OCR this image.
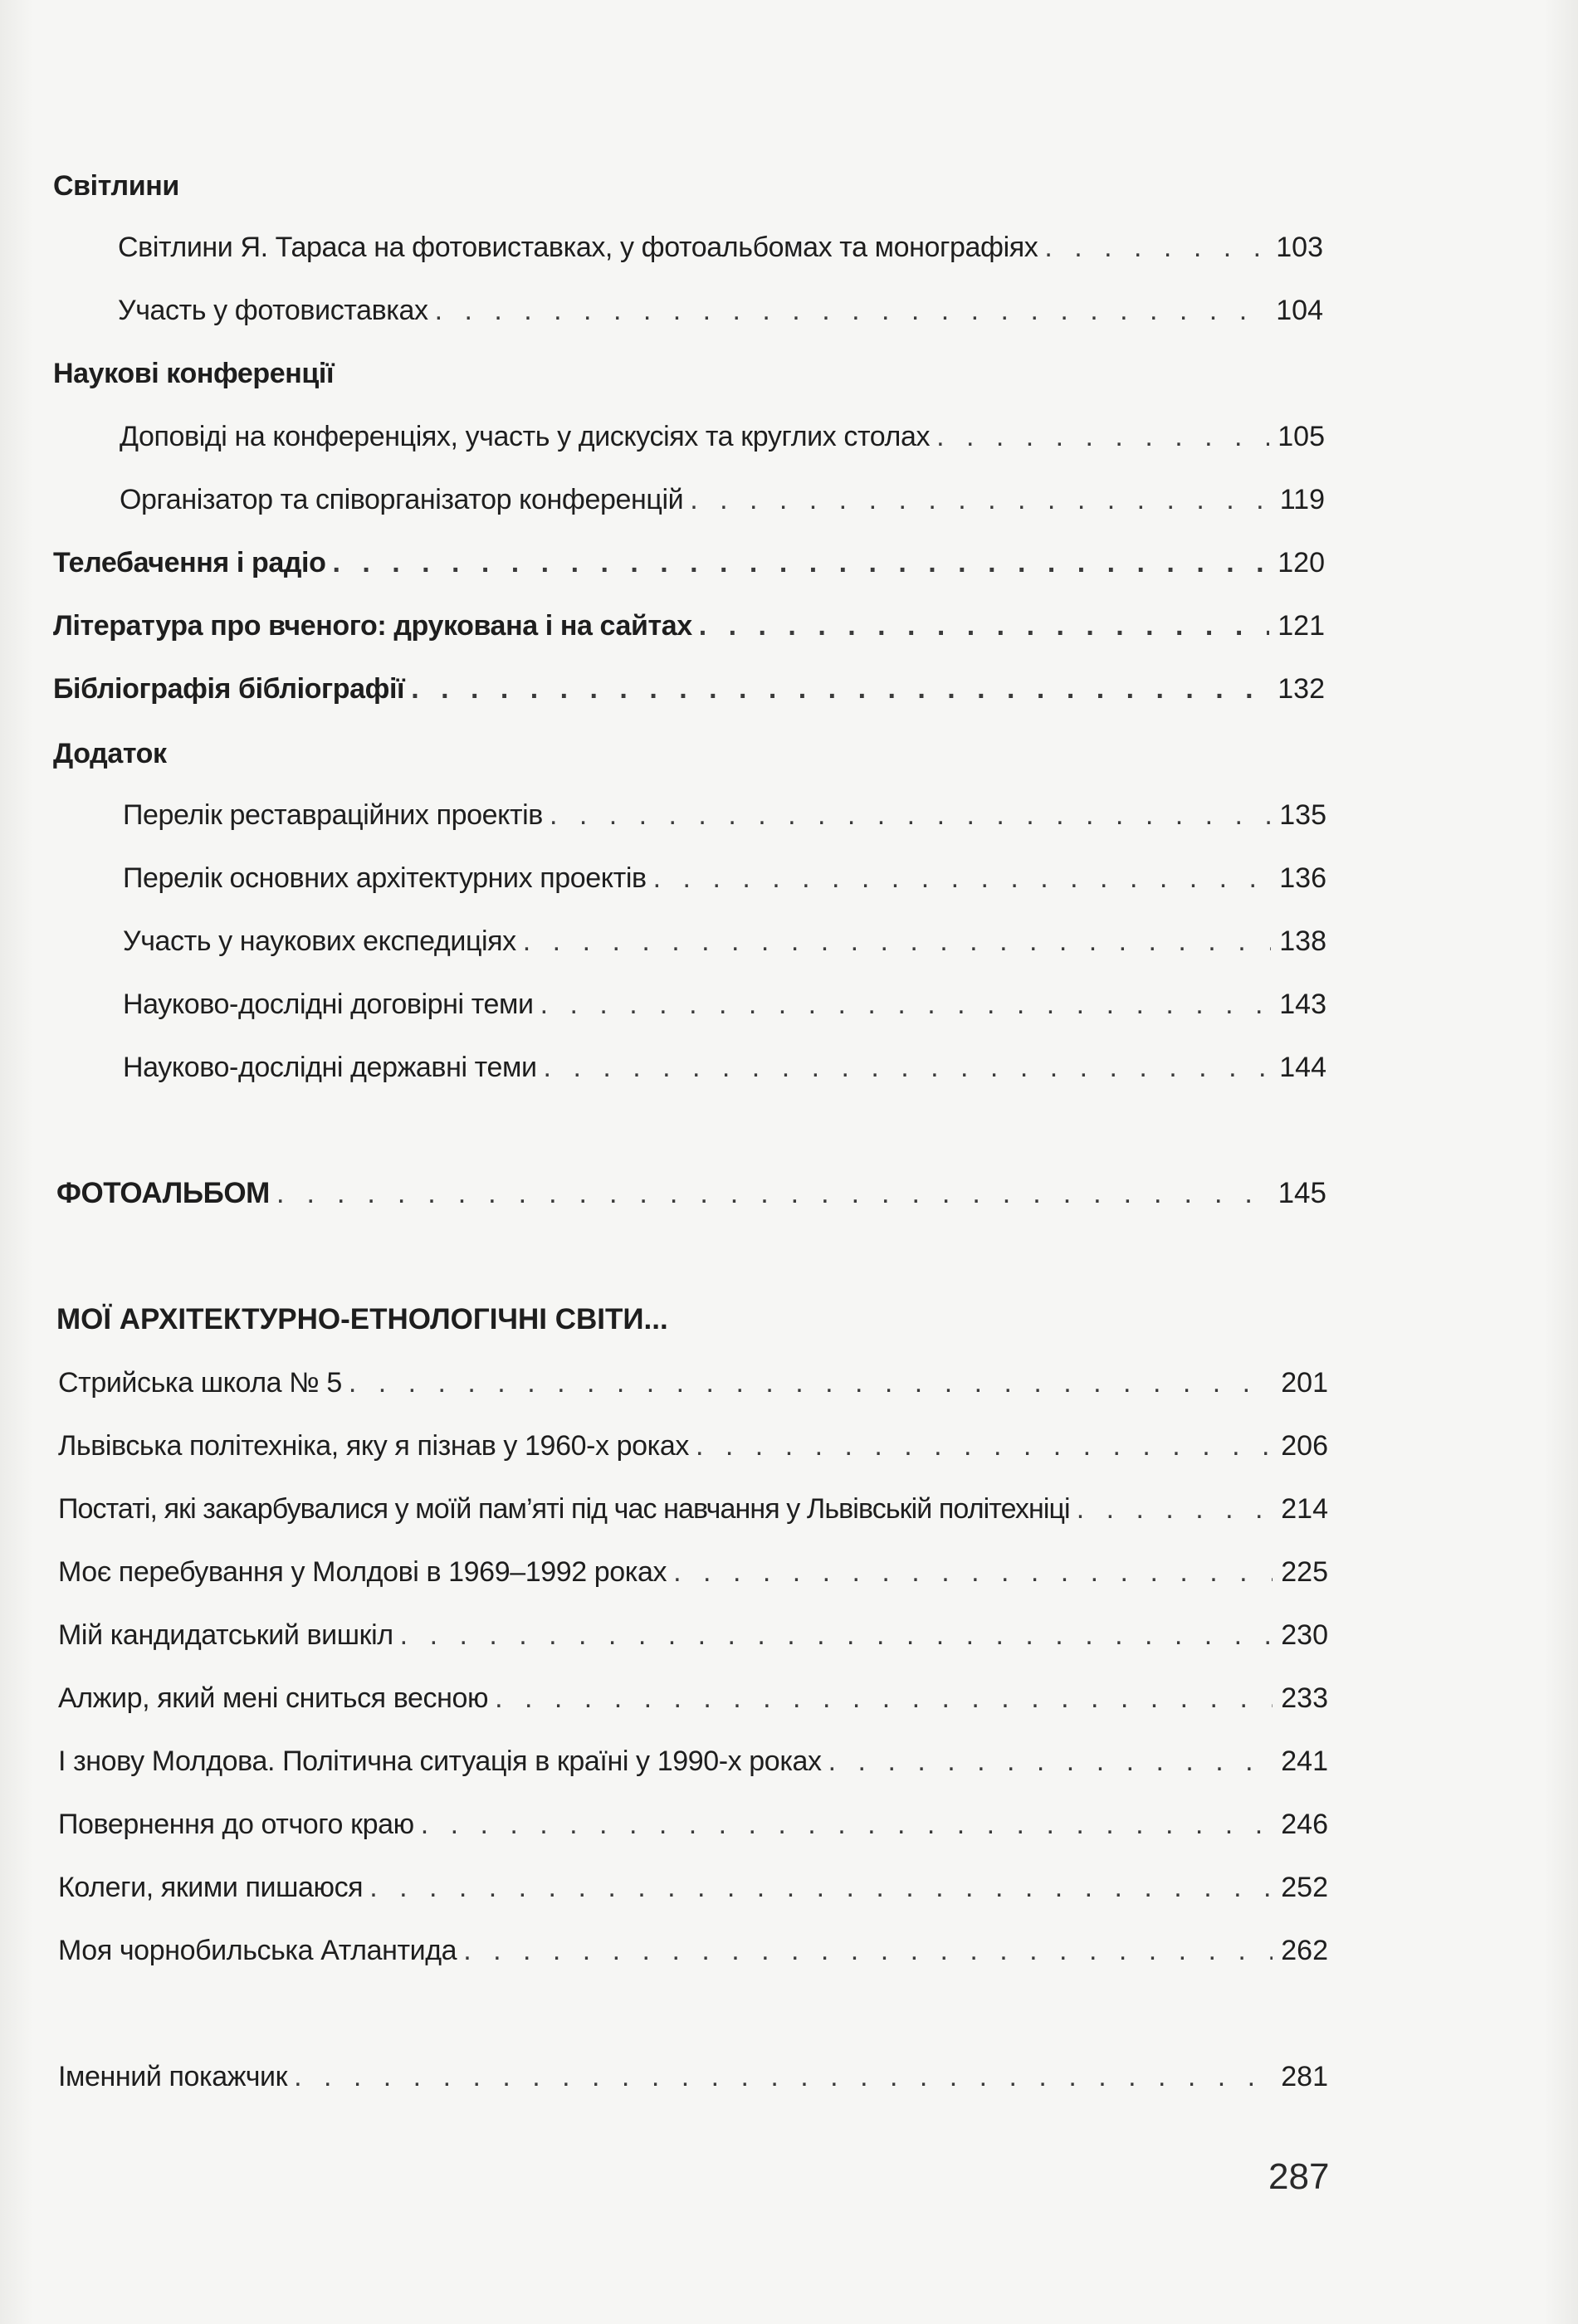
Світлини
Світлини Я. Тараса на фотовиставках, у фотоальбомах та монографіях . . .	103
Участь у фотовиставках . . .	104
Наукові конференції
Доповіді на конференціях, участь у дискусіях та круглих столах . . .	105
Організатор та співорганізатор конференцій . . .	119
Телебачення і радіо . . .	120
Література про вченого: друкована і на сайтах . . .	121
Бібліографія бібліографії . . .	132
Додаток
Перелік реставраційних проектів . . .	135
Перелік основних архітектурних проектів . . .	136
Участь у наукових експедиціях . . .	138
Науково-дослідні договірні теми . . .	143
Науково-дослідні державні теми . . .	144
ФОТОАЛЬБОМ . . .	145
МОЇ АРХІТЕКТУРНО-ЕТНОЛОГІЧНІ СВІТИ...
Стрийська школа № 5 . . .	201
Львівська політехніка, яку я пізнав у 1960-х роках . . .	206
Постаті, які закарбувалися у моїй пам’яті під час навчання у Львівській політехніці . . .	214
Моє перебування у Молдові в 1969–1992 роках . . .	225
Мій кандидатський вишкіл . . .	230
Алжир, який мені сниться весною . . .	233
І знову Молдова. Політична ситуація в країні у 1990-х роках . . .	241
Повернення до отчого краю . . .	246
Колеги, якими пишаюся . . .	252
Моя чорнобильська Атлантида . . .	262
Іменний покажчик . . .	281
287
